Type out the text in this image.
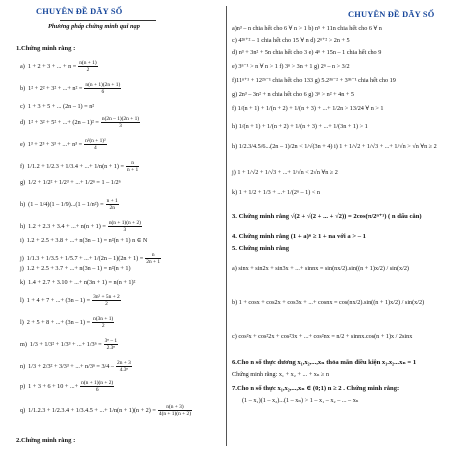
CHUYÊN ĐỀ DÃY SỐ
Phương pháp chứng minh qui nạp
1.Chứng minh rằng :
a) 1 + 2 + 3 + ... + $n = \frac{n(n + 1)}{2}$
b) 1² + 2² + 3² + ...+ $n^2 = \frac{n(n + 1)(2n + 1)}{6}$
c) 1 + 3 + 5 + ... (2n – 1) = n²
d) 1² + 3² + 5² + ...+ $(2n - 1)^2 = \frac{n(2n - 1)(2n + 1)}{3}$
e) 1³ + 2³ + 3³ + ...+ $n^3 = \frac{\text{n²(n + 1)²}}{4}$
f) 1/1.2 + 1/2.3 + 1/3.4 + ...+ $1/n(n + 1) = \frac{n}{n + 1}$
g) 1/2 + 1/2² + 1/2³ + ...+ 1/2ⁿ = 1 – 1/2ⁿ
h) $(1 - 1/4)(1 - 1/9)...(1 - 1/n^2) = \frac{n + 1}{2n}$
h) 1.2 + 2.3 + 3.4 + ...+ $n(n + 1) = \frac{n(n + 1)(n + 2)}{3}$
i) 1.2 + 2.5 + 3.8 + ...+ n(3n – 1) = n²(n + 1) n ∈ N
j) 1/1.3 + 1/3.5 + 1/5.7 + ...+ $1/(2n - 1)(2n + 1) = \frac{n}{2n + 1}$
j) 1.2 + 2.5 + 3.7 + ...+ n(3n – 1) = n²(n + 1)
k) 1.4 + 2.7 + 3.10 + ...+ n(3n + 1) = n(n + 1)²
l) 1 + 4 + 7 + ...+ $(3n - 1) = \frac{\text{3n² + 5n + 2}}{2}$
l) 2 + 5 + 8 + ...+ $(3n - 1) = \frac{n(3n + 1)}{2}$
m) 1/3 + 1/3² + 1/3³ + ...+ $1/3^n = \frac{\text{3ⁿ – 1}}{\text{2.3ⁿ}}$
n) 1/3 + 2/3² + 3/3³ + ...+ $n/3^n = 3/4 - \frac{2n + 3}{\text{4.3ⁿ}}$
p) 1 + 3 + 6 + 10 + ...+ $\frac{n(n + 1)(n + 2)}{6}$
q) 1/1.2.3 + 1/2.3.4 + 1/3.4.5 + ...+ $1/n(n + 1)(n + 2) = \frac{n(n + 3)}{4(n + 1)(n + 2)}$
2.Chứng minh rằng :
CHUYÊN ĐỀ DÃY SỐ
a)n³ – n chia hết cho 6 ∀ n > 1 b) n⁵ + 11n chia hết cho 6 ∀ n
c) 4²ⁿ⁺² – 1 chia hết cho 15 ∀ n d) 2ⁿ⁺² > 2n + 5
d) n³ + 3n² + 5n chia hết cho 3 e) 4ⁿ + 15n – 1 chia hết cho 9
e) 3ⁿ⁻¹ > n ∀ n > 1 f) 3ⁿ > 3n + 1 g) 2ⁿ – n > 3/2
f)11ⁿ⁺¹ + 12²ⁿ⁻¹ chia hết cho 133 g) 5.2³ⁿ⁻² + 3³ⁿ⁻¹ chia hết cho 19
g) 2n³ – 3n² + n chia hết cho 6 g) 3ⁿ > n² + 4n + 5
f) 1/(n + 1) + 1/(n + 2) + 1/(n + 3) + ...+ 1/2n > 13/24 ∀ n > 1
h) 1/(n + 1) + 1/(n + 2) + 1/(n + 3) + ...+ 1/(3n + 1) > 1
h) 1/2.3/4.5/6...(2n – 1)/2n < 1/√(3n + 4) i) 1 + 1/√2 + 1/√3 + ...+ 1/√n > √n ∀n ≥ 2
j) 1 + 1/√2 + 1/√3 + ...+ 1/√n < 2√n ∀n ≥ 2
k) 1 + 1/2 + 1/3 + ...+ 1/(2ⁿ – 1) < n
3. Chứng minh rằng √(2 + √(2 + ... + √2)) = 2cos(π/2ⁿ⁺¹) ( n dấu căn)
4. Chứng minh rằng (1 + a)ⁿ ≥ 1 + na với a > – 1
5. Chứng minh rằng
a) sinx + sin2x + sin3x + ...+ sinnx = sin(nx/2).sin((n + 1)x/2) / sin(x/2)
b) 1 + cosx + cos2x + cos3x + ...+ cosnx = cos(nx/2).sin((n + 1)x/2) / sin(x/2)
c) cos²x + cos²2x + cos²3x + ...+ cos²nx = n/2 + sinnx.cos(n + 1)x / 2sinx
6.Cho n số thực dương x₁,x₂,...,xₙ thỏa mãn điều kiện x₁.x₂...xₙ = 1
Chứng minh rằng: x₁ + x₂ + ... + xₙ ≥ n
7.Cho n số thực x₁,x₂,...,xₙ ∈ (0;1) n ≥ 2 . Chứng minh rằng:
(1 – x₁)(1 – x₂)...(1 – xₙ) > 1 – x₁ – x₂ – ... – xₙ
